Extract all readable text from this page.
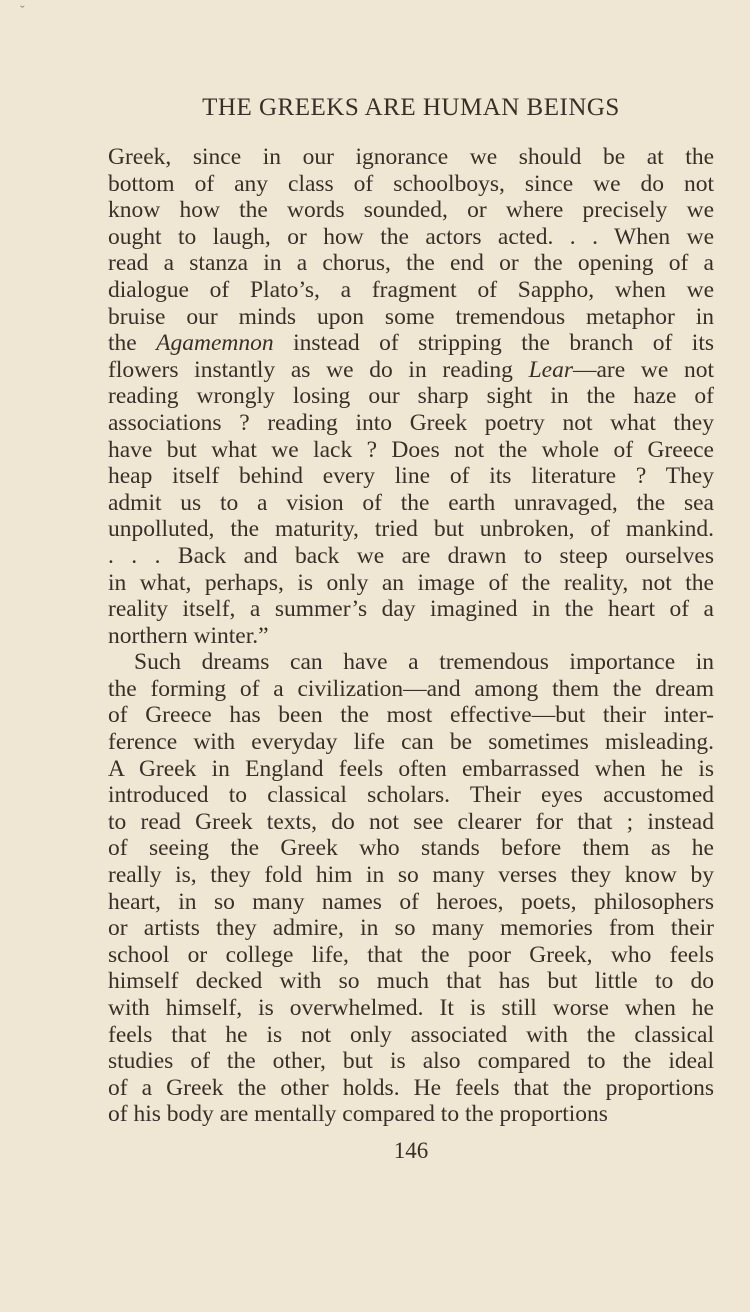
ˇ
THE GREEKS ARE HUMAN BEINGS
Greek, since in our ignorance we should be at the
bottom of any class of schoolboys, since we do not
know how the words sounded, or where precisely we
ought to laugh, or how the actors acted. . . When we
read a stanza in a chorus, the end or the opening of a
dialogue of Plato’s, a fragment of Sappho, when we
bruise our minds upon some tremendous metaphor in
the Agamemnon instead of stripping the branch of its
flowers instantly as we do in reading Lear—are we not
reading wrongly losing our sharp sight in the haze of
associations ? reading into Greek poetry not what they
have but what we lack ? Does not the whole of Greece
heap itself behind every line of its literature ? They
admit us to a vision of the earth unravaged, the sea
unpolluted, the maturity, tried but unbroken, of mankind.
. . . Back and back we are drawn to steep ourselves
in what, perhaps, is only an image of the reality, not the
reality itself, a summer’s day imagined in the heart of a
northern winter.”
Such dreams can have a tremendous importance in
the forming of a civilization—and among them the dream
of Greece has been the most effective—but their inter-
ference with everyday life can be sometimes misleading.
A Greek in England feels often embarrassed when he is
introduced to classical scholars. Their eyes accustomed
to read Greek texts, do not see clearer for that ; instead
of seeing the Greek who stands before them as he
really is, they fold him in so many verses they know by
heart, in so many names of heroes, poets, philosophers
or artists they admire, in so many memories from their
school or college life, that the poor Greek, who feels
himself decked with so much that has but little to do
with himself, is overwhelmed. It is still worse when he
feels that he is not only associated with the classical
studies of the other, but is also compared to the ideal
of a Greek the other holds. He feels that the proportions
of his body are mentally compared to the proportions
146
